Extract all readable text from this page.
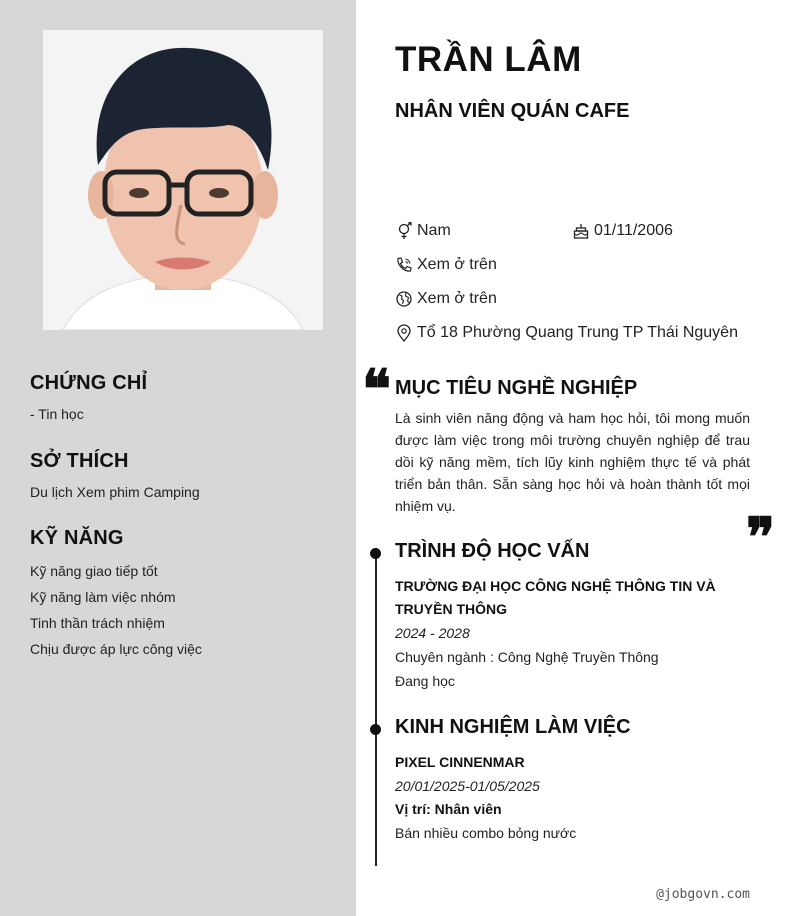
CHỨNG CHỈ
- Tin học
SỞ THÍCH
Du lịch Xem phim Camping
KỸ NĂNG
Kỹ năng giao tiếp tốt
Kỹ năng làm việc nhóm
Tinh thần trách nhiệm
Chịu được áp lực công việc
TRẦN LÂM
NHÂN VIÊN QUÁN CAFE
Nam	01/11/2006
Xem ở trên
Xem ở trên
Tổ 18 Phường Quang Trung TP Thái Nguyên
❝
❞
MỤC TIÊU NGHỀ NGHIỆP
Là sinh viên năng động và ham học hỏi, tôi mong muốn được làm việc trong môi trường chuyên nghiệp để trau dồi kỹ năng mềm, tích lũy kinh nghiệm thực tế và phát triển bản thân. Sẵn sàng học hỏi và hoàn thành tốt mọi nhiệm vụ.
TRÌNH ĐỘ HỌC VẤN
TRƯỜNG ĐẠI HỌC CÔNG NGHỆ THÔNG TIN VÀ TRUYỀN THÔNG
2024 - 2028
Chuyên ngành : Công Nghệ Truyền Thông
Đang học
KINH NGHIỆM LÀM VIỆC
PIXEL CINNENMAR
20/01/2025-01/05/2025
Vị trí: Nhân viên
Bán nhiều combo bỏng nước
@jobgovn.com
